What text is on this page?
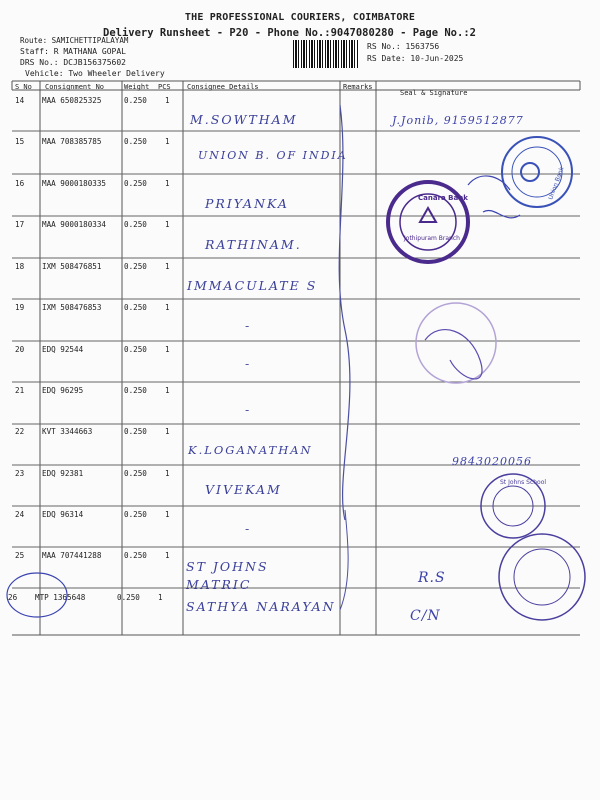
THE PROFESSIONAL COURIERS, COIMBATORE
Delivery Runsheet - P20 - Phone No.:9047080280 - Page No.:2
Route: SAMICHETTIPALAYAM
Staff: R MATHANA GOPAL
DRS No.: DCJB156375602
Vehicle: Two Wheeler Delivery
RS No.: 1563756
RS Date: 10-Jun-2025
S No Consignment No	Weight PCS Consignee Details	Remarks
Seal & Signature
14 MAA 650825325	0.250 1
M.SOWTHAM	J.Jonib, 9159512877
15 MAA 708385785	0.250 1
UNION B. OF INDIA
16 MAA 9000180335 0.250 1
PRIYANKA
17 MAA 9000180334 0.250 1
RATHINAM.
18 IXM 508476851	0.250 1
IMMACULATE S
19 IXM 508476853	0.250 1
-
20 EDQ 92544	0.250 1
-
21 EDQ 96295	0.250 1
-
22 KVT 3344663	0.250 1
K.LOGANATHAN
9843020056
23 EDQ 92381	0.250 1
VIVEKAM
24 EDQ 96314	0.250 1
-
25 MAA 707441288	0.250 1
ST JOHNS MATRIC	R.S
26 MTP 1365648	0.250 1
SATHYA NARAYAN
C/N
Canara Bank
Jothipuram Branch
Union Bank
St Johns School
